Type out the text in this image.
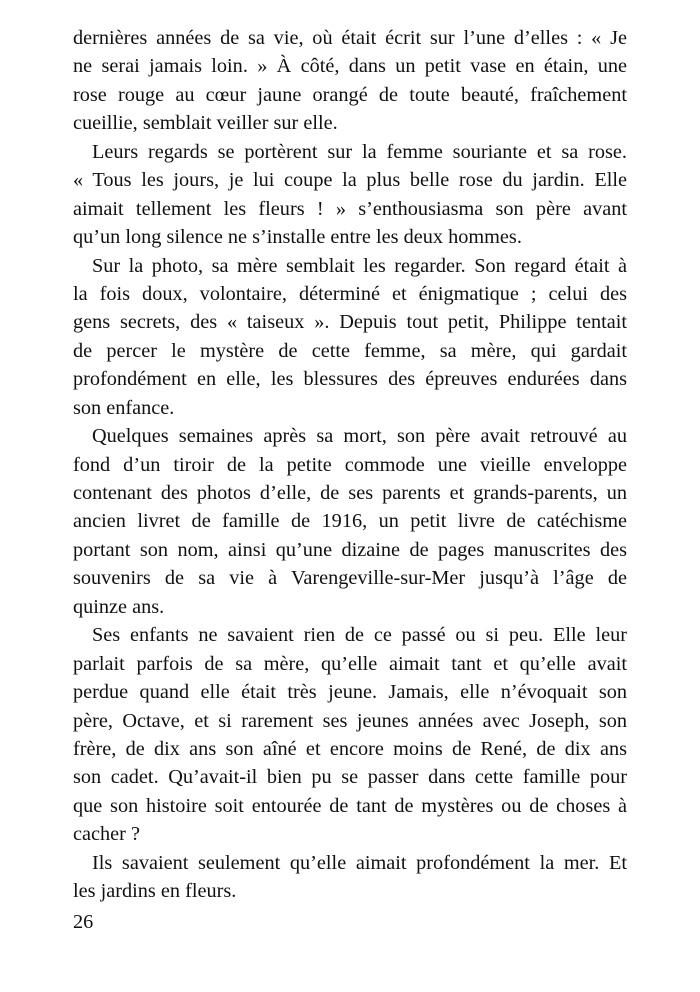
dernières années de sa vie, où était écrit sur l’une d’elles : « Je
ne serai jamais loin. » À côté, dans un petit vase en étain, une
rose rouge au cœur jaune orangé de toute beauté, fraîchement
cueillie, semblait veiller sur elle.
Leurs regards se portèrent sur la femme souriante et sa rose.
« Tous les jours, je lui coupe la plus belle rose du jardin. Elle
aimait tellement les fleurs ! » s’enthousiasma son père avant
qu’un long silence ne s’installe entre les deux hommes.
Sur la photo, sa mère semblait les regarder. Son regard était à
la fois doux, volontaire, déterminé et énigmatique ; celui des
gens secrets, des « taiseux ». Depuis tout petit, Philippe tentait
de percer le mystère de cette femme, sa mère, qui gardait
profondément en elle, les blessures des épreuves endurées dans
son enfance.
Quelques semaines après sa mort, son père avait retrouvé au
fond d’un tiroir de la petite commode une vieille enveloppe
contenant des photos d’elle, de ses parents et grands-parents, un
ancien livret de famille de 1916, un petit livre de catéchisme
portant son nom, ainsi qu’une dizaine de pages manuscrites des
souvenirs de sa vie à Varengeville-sur-Mer jusqu’à l’âge de
quinze ans.
Ses enfants ne savaient rien de ce passé ou si peu. Elle leur
parlait parfois de sa mère, qu’elle aimait tant et qu’elle avait
perdue quand elle était très jeune. Jamais, elle n’évoquait son
père, Octave, et si rarement ses jeunes années avec Joseph, son
frère, de dix ans son aîné et encore moins de René, de dix ans
son cadet. Qu’avait-il bien pu se passer dans cette famille pour
que son histoire soit entourée de tant de mystères ou de choses à
cacher ?
Ils savaient seulement qu’elle aimait profondément la mer. Et
les jardins en fleurs.
26
